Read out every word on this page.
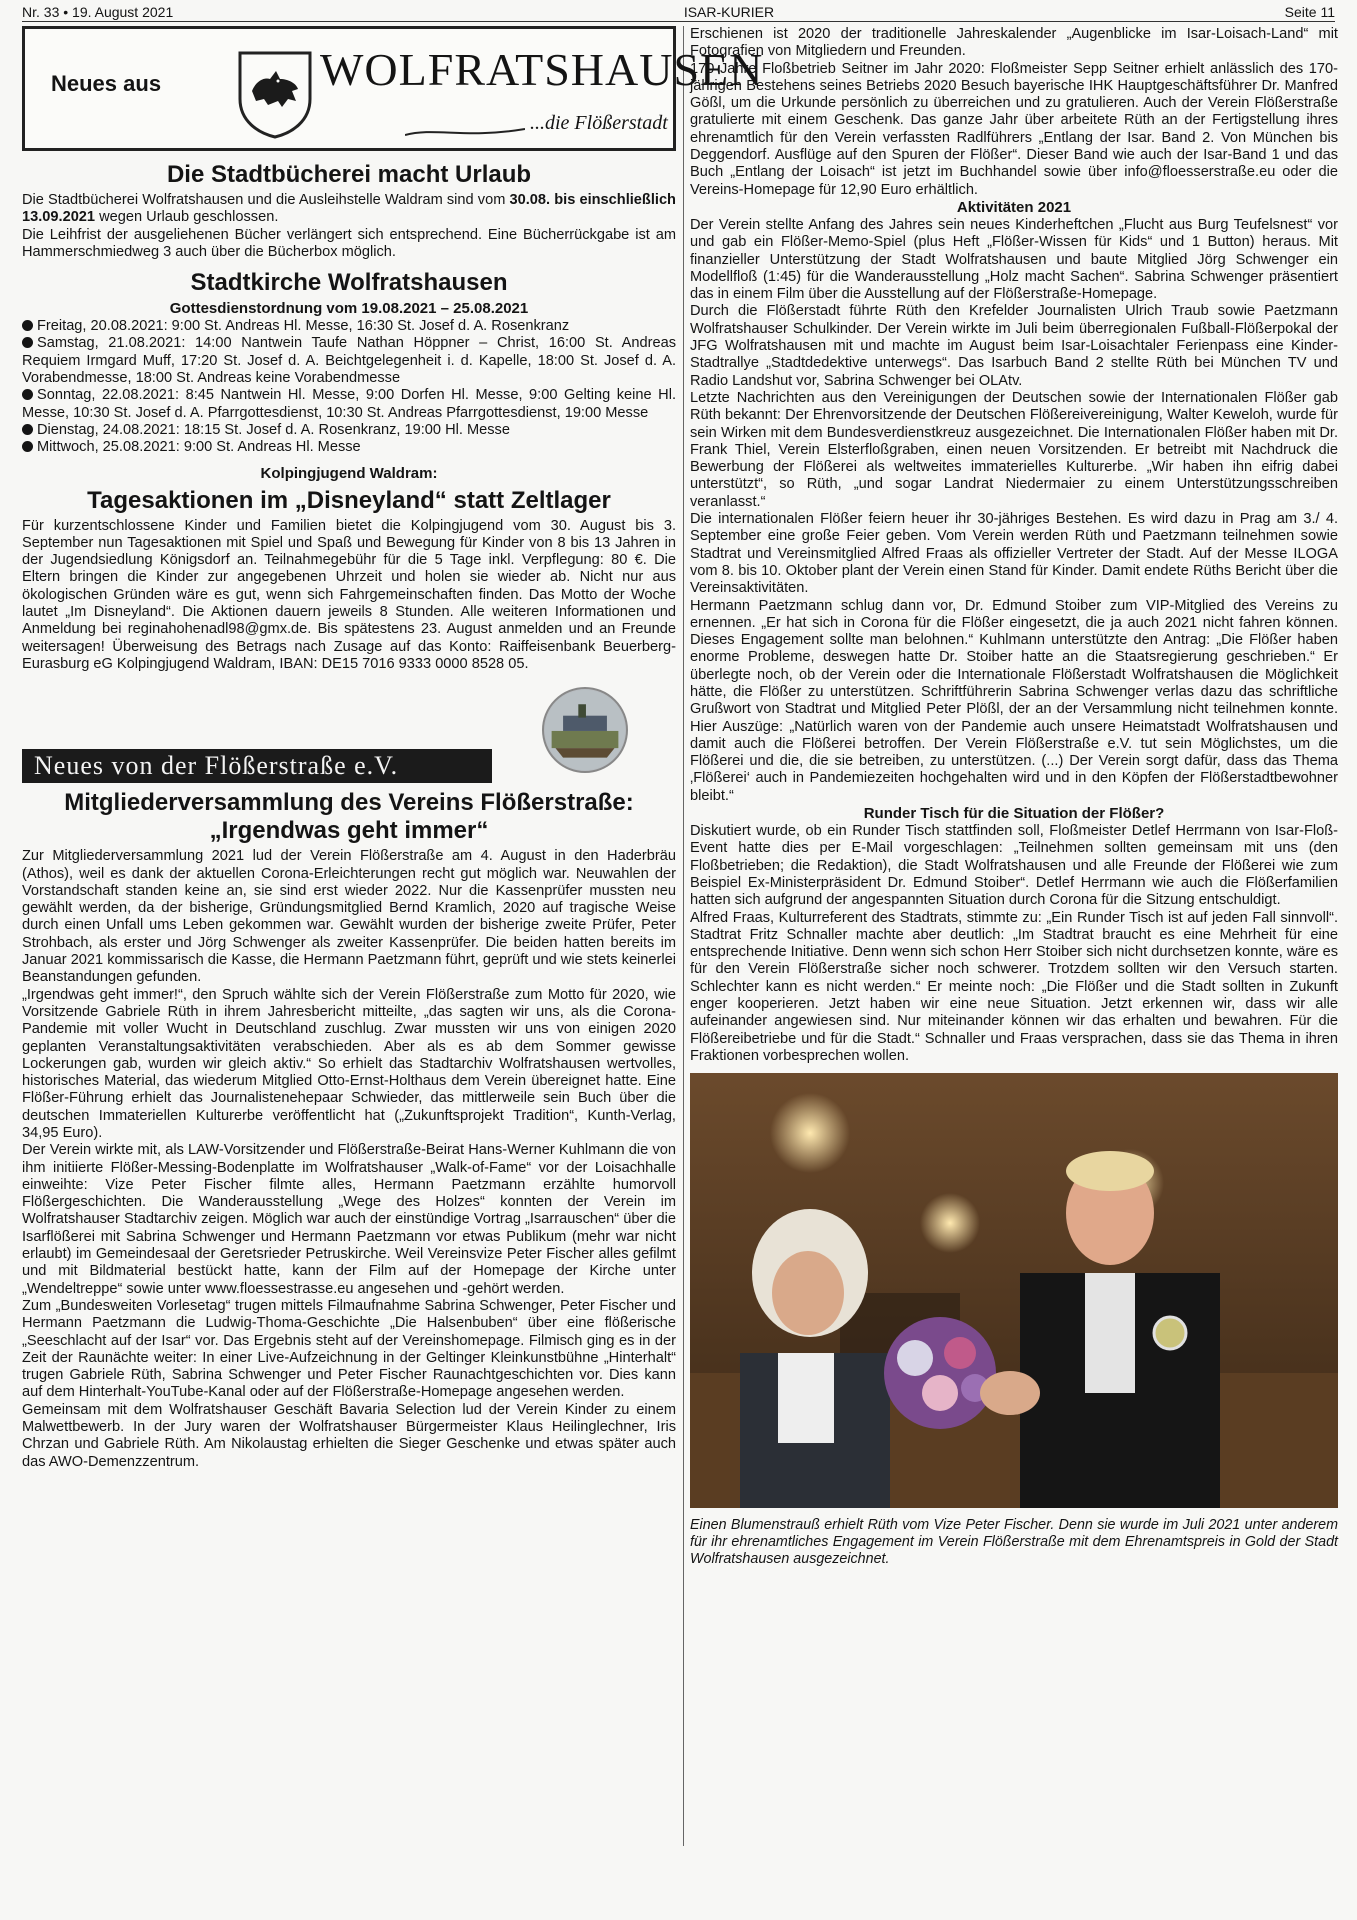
Nr. 33 • 19. August 2021	ISAR-KURIER	Seite 11
Neues aus	WOLFRATSHAUSEN
...die Flößerstadt
Die Stadtbücherei macht Urlaub

Die Stadtbücherei Wolfratshausen und die Ausleihstelle Waldram sind vom 30.08. bis einschließlich 13.09.2021 wegen Urlaub geschlossen.

Die Leihfrist der ausgeliehenen Bücher verlängert sich entsprechend. Eine Bücherrückgabe ist am Hammerschmiedweg 3 auch über die Bücherbox möglich.

Stadtkirche Wolfratshausen
Gottesdienstordnung vom 19.08.2021 – 25.08.2021

Freitag, 20.08.2021: 9:00 St. Andreas Hl. Messe, 16:30 St. Josef d. A. Rosenkranz

Samstag, 21.08.2021: 14:00 Nantwein Taufe Nathan Höppner – Christ, 16:00 St. Andreas Requiem Irmgard Muff, 17:20 St. Josef d. A. Beichtgelegenheit i. d. Kapelle, 18:00 St. Josef d. A. Vorabendmesse, 18:00 St. Andreas keine Vorabendmesse

Sonntag, 22.08.2021: 8:45 Nantwein Hl. Messe, 9:00 Dorfen Hl. Messe, 9:00 Gelting keine Hl. Messe, 10:30 St. Josef d. A. Pfarrgottesdienst, 10:30 St. Andreas Pfarrgottesdienst, 19:00 Messe

Dienstag, 24.08.2021: 18:15 St. Josef d. A. Rosenkranz, 19:00 Hl. Messe

Mittwoch, 25.08.2021: 9:00 St. Andreas Hl. Messe

Kolpingjugend Waldram:
Tagesaktionen im „Disneyland“ statt Zeltlager

Für kurzentschlossene Kinder und Familien bietet die Kolpingjugend vom 30. August bis 3. September nun Tagesaktionen mit Spiel und Spaß und Bewegung für Kinder von 8 bis 13 Jahren in der Jugendsiedlung Königsdorf an. Teilnahmegebühr für die 5 Tage inkl. Verpflegung: 80 €. Die Eltern bringen die Kinder zur angegebenen Uhrzeit und holen sie wieder ab. Nicht nur aus ökologischen Gründen wäre es gut, wenn sich Fahrgemeinschaften finden. Das Motto der Woche lautet „Im Disneyland“. Die Aktionen dauern jeweils 8 Stunden. Alle weiteren Informationen und Anmeldung bei reginahohenadl98@gmx.de. Bis spätestens 23. August anmelden und an Freunde weitersagen! Überweisung des Betrags nach Zusage auf das Konto: Raiffeisenbank Beuerberg-Eurasburg eG Kolpingjugend Waldram, IBAN: DE15 7016 9333 0000 8528 05.

Neues von der Flößerstraße e.V.
Mitgliederversammlung des Vereins Flößerstraße: „Irgendwas geht immer“

Zur Mitgliederversammlung 2021 lud der Verein Flößerstraße am 4. August in den Haderbräu (Athos), weil es dank der aktuellen Corona-Erleichterungen recht gut möglich war. Neuwahlen der Vorstandschaft standen keine an, sie sind erst wieder 2022. Nur die Kassenprüfer mussten neu gewählt werden, da der bisherige, Gründungsmitglied Bernd Kramlich, 2020 auf tragische Weise durch einen Unfall ums Leben gekommen war. Gewählt wurden der bisherige zweite Prüfer, Peter Strohbach, als erster und Jörg Schwenger als zweiter Kassenprüfer. Die beiden hatten bereits im Januar 2021 kommissarisch die Kasse, die Hermann Paetzmann führt, geprüft und wie stets keinerlei Beanstandungen gefunden.

„Irgendwas geht immer!“, den Spruch wählte sich der Verein Flößerstraße zum Motto für 2020, wie Vorsitzende Gabriele Rüth in ihrem Jahresbericht mitteilte, „das sagten wir uns, als die Corona-Pandemie mit voller Wucht in Deutschland zuschlug. Zwar mussten wir uns von einigen 2020 geplanten Veranstaltungsaktivitäten verabschieden. Aber als es ab dem Sommer gewisse Lockerungen gab, wurden wir gleich aktiv.“ So erhielt das Stadtarchiv Wolfratshausen wertvolles, historisches Material, das wiederum Mitglied Otto-Ernst-Holthaus dem Verein übereignet hatte. Eine Flößer-Führung erhielt das Journalistenehepaar Schwieder, das mittlerweile sein Buch über die deutschen Immateriellen Kulturerbe veröffentlicht hat („Zukunftsprojekt Tradition“, Kunth-Verlag, 34,95 Euro).

Der Verein wirkte mit, als LAW-Vorsitzender und Flößerstraße-Beirat Hans-Werner Kuhlmann die von ihm initiierte Flößer-Messing-Bodenplatte im Wolfratshauser „Walk-of-Fame“ vor der Loisachhalle einweihte: Vize Peter Fischer filmte alles, Hermann Paetzmann erzählte humorvoll Flößergeschichten. Die Wanderausstellung „Wege des Holzes“ konnten der Verein im Wolfratshauser Stadtarchiv zeigen. Möglich war auch der einstündige Vortrag „Isarrauschen“ über die Isarflößerei mit Sabrina Schwenger und Hermann Paetzmann vor etwas Publikum (mehr war nicht erlaubt) im Gemeindesaal der Geretsrieder Petruskirche. Weil Vereinsvize Peter Fischer alles gefilmt und mit Bildmaterial bestückt hatte, kann der Film auf der Homepage der Kirche unter „Wendeltreppe“ sowie unter www.floessestrasse.eu angesehen und -gehört werden.

Zum „Bundesweiten Vorlesetag“ trugen mittels Filmaufnahme Sabrina Schwenger, Peter Fischer und Hermann Paetzmann die Ludwig-Thoma-Geschichte „Die Halsenbuben“ über eine flößerische „Seeschlacht auf der Isar“ vor. Das Ergebnis steht auf der Vereinshomepage. Filmisch ging es in der Zeit der Raunächte weiter: In einer Live-Aufzeichnung in der Geltinger Kleinkunstbühne „Hinterhalt“ trugen Gabriele Rüth, Sabrina Schwenger und Peter Fischer Raunachtgeschichten vor. Dies kann auf dem Hinterhalt-YouTube-Kanal oder auf der Flößerstraße-Homepage angesehen werden.

Gemeinsam mit dem Wolfratshauser Geschäft Bavaria Selection lud der Verein Kinder zu einem Malwettbewerb. In der Jury waren der Wolfratshauser Bürgermeister Klaus Heilinglechner, Iris Chrzan und Gabriele Rüth. Am Nikolaustag erhielten die Sieger Geschenke und etwas später auch das AWO-Demenzzentrum.

Erschienen ist 2020 der traditionelle Jahreskalender „Augenblicke im Isar-Loisach-Land“ mit Fotografien von Mitgliedern und Freunden.

170 Jahre Floßbetrieb Seitner im Jahr 2020: Floßmeister Sepp Seitner erhielt anlässlich des 170-jährigen Bestehens seines Betriebs 2020 Besuch bayerische IHK Hauptgeschäftsführer Dr. Manfred Gößl, um die Urkunde persönlich zu überreichen und zu gratulieren. Auch der Verein Flößerstraße gratulierte mit einem Geschenk. Das ganze Jahr über arbeitete Rüth an der Fertigstellung ihres ehrenamtlich für den Verein verfassten Radlführers „Entlang der Isar. Band 2. Von München bis Deggendorf. Ausflüge auf den Spuren der Flößer“. Dieser Band wie auch der Isar-Band 1 und das Buch „Entlang der Loisach“ ist jetzt im Buchhandel sowie über info@floesserstraße.eu oder die Vereins-Homepage für 12,90 Euro erhältlich.

Aktivitäten 2021

Der Verein stellte Anfang des Jahres sein neues Kinderheftchen „Flucht aus Burg Teufelsnest“ vor und gab ein Flößer-Memo-Spiel (plus Heft „Flößer-Wissen für Kids“ und 1 Button) heraus. Mit finanzieller Unterstützung der Stadt Wolfratshausen und baute Mitglied Jörg Schwenger ein Modellfloß (1:45) für die Wanderausstellung „Holz macht Sachen“. Sabrina Schwenger präsentiert das in einem Film über die Ausstellung auf der Flößerstraße-Homepage.

Durch die Flößerstadt führte Rüth den Krefelder Journalisten Ulrich Traub sowie Paetzmann Wolfratshauser Schulkinder. Der Verein wirkte im Juli beim überregionalen Fußball-Flößerpokal der JFG Wolfratshausen mit und machte im August beim Isar-Loisachtaler Ferienpass eine Kinder-Stadtrallye „Stadtdedektive unterwegs“. Das Isarbuch Band 2 stellte Rüth bei München TV und Radio Landshut vor, Sabrina Schwenger bei OLAtv.

Letzte Nachrichten aus den Vereinigungen der Deutschen sowie der Internationalen Flößer gab Rüth bekannt: Der Ehrenvorsitzende der Deutschen Flößereivereinigung, Walter Keweloh, wurde für sein Wirken mit dem Bundesverdienstkreuz ausgezeichnet. Die Internationalen Flößer haben mit Dr. Frank Thiel, Verein Elsterfloßgraben, einen neuen Vorsitzenden. Er betreibt mit Nachdruck die Bewerbung der Flößerei als weltweites immaterielles Kulturerbe. „Wir haben ihn eifrig dabei unterstützt“, so Rüth, „und sogar Landrat Niedermaier zu einem Unterstützungsschreiben veranlasst.“

Die internationalen Flößer feiern heuer ihr 30-jähriges Bestehen. Es wird dazu in Prag am 3./ 4. September eine große Feier geben. Vom Verein werden Rüth und Paetzmann teilnehmen sowie Stadtrat und Vereinsmitglied Alfred Fraas als offizieller Vertreter der Stadt. Auf der Messe ILOGA vom 8. bis 10. Oktober plant der Verein einen Stand für Kinder. Damit endete Rüths Bericht über die Vereinsaktivitäten.

Hermann Paetzmann schlug dann vor, Dr. Edmund Stoiber zum VIP-Mitglied des Vereins zu ernennen. „Er hat sich in Corona für die Flößer eingesetzt, die ja auch 2021 nicht fahren können. Dieses Engagement sollte man belohnen.“ Kuhlmann unterstützte den Antrag: „Die Flößer haben enorme Probleme, deswegen hatte Dr. Stoiber hatte an die Staatsregierung geschrieben.“ Er überlegte noch, ob der Verein oder die Internationale Flößerstadt Wolfratshausen die Möglichkeit hätte, die Flößer zu unterstützen. Schriftführerin Sabrina Schwenger verlas dazu das schriftliche Grußwort von Stadtrat und Mitglied Peter Plößl, der an der Versammlung nicht teilnehmen konnte. Hier Auszüge: „Natürlich waren von der Pandemie auch unsere Heimatstadt Wolfratshausen und damit auch die Flößerei betroffen. Der Verein Flößerstraße e.V. tut sein Möglichstes, um die Flößerei und die, die sie betreiben, zu unterstützen. (...) Der Verein sorgt dafür, dass das Thema ‚Flößerei‘ auch in Pandemiezeiten hochgehalten wird und in den Köpfen der Flößerstadtbewohner bleibt.“

Runder Tisch für die Situation der Flößer?

Diskutiert wurde, ob ein Runder Tisch stattfinden soll, Floßmeister Detlef Herrmann von Isar-Floß-Event hatte dies per E-Mail vorgeschlagen: „Teilnehmen sollten gemeinsam mit uns (den Floßbetrieben; die Redaktion), die Stadt Wolfratshausen und alle Freunde der Flößerei wie zum Beispiel Ex-Ministerpräsident Dr. Edmund Stoiber“. Detlef Herrmann wie auch die Flößerfamilien hatten sich aufgrund der angespannten Situation durch Corona für die Sitzung entschuldigt.

Alfred Fraas, Kulturreferent des Stadtrats, stimmte zu: „Ein Runder Tisch ist auf jeden Fall sinnvoll“. Stadtrat Fritz Schnaller machte aber deutlich: „Im Stadtrat braucht es eine Mehrheit für eine entsprechende Initiative. Denn wenn sich schon Herr Stoiber sich nicht durchsetzen konnte, wäre es für den Verein Flößerstraße sicher noch schwerer. Trotzdem sollten wir den Versuch starten. Schlechter kann es nicht werden.“ Er meinte noch: „Die Flößer und die Stadt sollten in Zukunft enger kooperieren. Jetzt haben wir eine neue Situation. Jetzt erkennen wir, dass wir alle aufeinander angewiesen sind. Nur miteinander können wir das erhalten und bewahren. Für die Flößereibetriebe und für die Stadt.“ Schnaller und Fraas versprachen, dass sie das Thema in ihren Fraktionen vorbesprechen wollen.

Einen Blumenstrauß erhielt Rüth vom Vize Peter Fischer. Denn sie wurde im Juli 2021 unter anderem für ihr ehrenamtliches Engagement im Verein Flößerstraße mit dem Ehrenamtspreis in Gold der Stadt Wolfratshausen ausgezeichnet.
